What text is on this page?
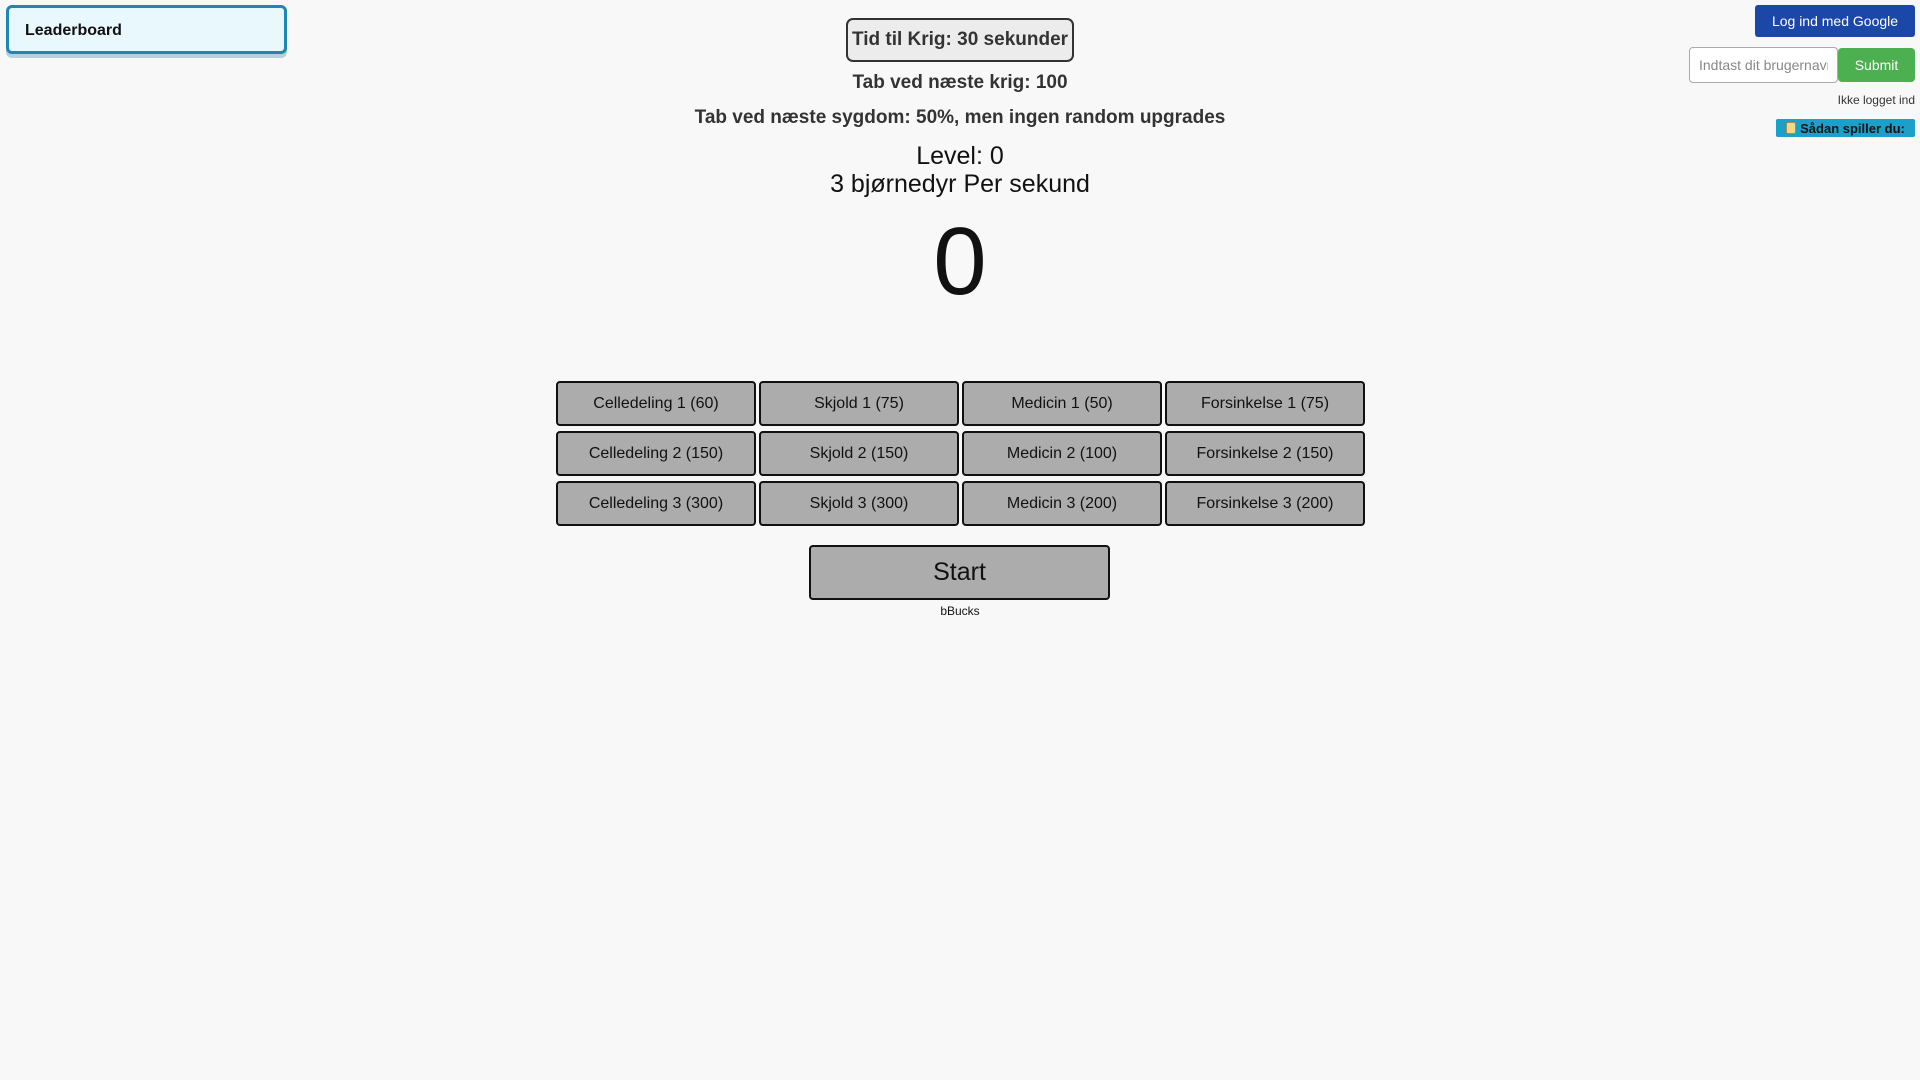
Leaderboard	Tid til Krig: 30 sekunder
Tab ved næste krig: 100
Tab ved næste sygdom: 50%, men ingen random upgrades
Level: 0
3 bjørnedyr Per sekund
0
Celledeling 1 (60)	Skjold 1 (75)	Medicin 1 (50)	Forsinkelse 1 (75)
Celledeling 2 (150)	Skjold 2 (150)	Medicin 2 (100)	Forsinkelse 2 (150)
Celledeling 3 (300)	Skjold 3 (300)	Medicin 3 (200)	Forsinkelse 3 (200)
Start
bBucks
Log ind med Google
Indtast dit brugernavn
Submit
Ikke logget ind
Sådan spiller du:
